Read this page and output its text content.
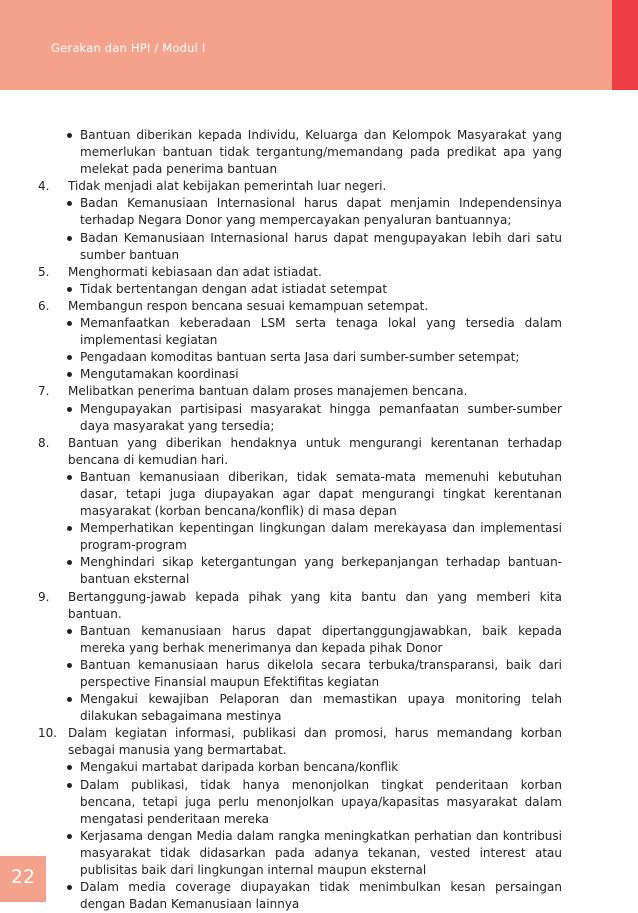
Gerakan dan HPI / Modul I
Bantuan diberikan kepada Individu, Keluarga dan Kelompok Masyarakat yang memerlukan bantuan tidak tergantung/memandang pada predikat apa yang melekat pada penerima bantuan
4. Tidak menjadi alat kebijakan pemerintah luar negeri.
Badan Kemanusiaan Internasional harus dapat menjamin Independensinya terhadap Negara Donor yang mempercayakan penyaluran bantuannya;
Badan Kemanusiaan Internasional harus dapat mengupayakan lebih dari satu sumber bantuan
5. Menghormati kebiasaan dan adat istiadat.
Tidak bertentangan dengan adat istiadat setempat
6. Membangun respon bencana sesuai kemampuan setempat.
Memanfaatkan keberadaan LSM serta tenaga lokal yang tersedia dalam implementasi kegiatan
Pengadaan komoditas bantuan serta Jasa dari sumber-sumber setempat;
Mengutamakan koordinasi
7. Melibatkan penerima bantuan dalam proses manajemen bencana.
Mengupayakan partisipasi masyarakat hingga pemanfaatan sumber-sumber daya masyarakat yang tersedia;
8. Bantuan yang diberikan hendaknya untuk mengurangi kerentanan terhadap bencana di kemudian hari.
Bantuan kemanusiaan diberikan, tidak semata-mata memenuhi kebutuhan dasar, tetapi juga diupayakan agar dapat mengurangi tingkat kerentanan masyarakat (korban bencana/konflik) di masa depan
Memperhatikan kepentingan lingkungan dalam merekayasa dan implementasi program-program
Menghindari sikap ketergantungan yang berkepanjangan terhadap bantuan-bantuan eksternal
9. Bertanggung-jawab kepada pihak yang kita bantu dan yang memberi kita bantuan.
Bantuan kemanusiaan harus dapat dipertanggungjawabkan, baik kepada mereka yang berhak menerimanya dan kepada pihak Donor
Bantuan kemanusiaan harus dikelola secara terbuka/transparansi, baik dari perspective Finansial maupun Efektifitas kegiatan
Mengakui kewajiban Pelaporan dan memastikan upaya monitoring telah dilakukan sebagaimana mestinya
10. Dalam kegiatan informasi, publikasi dan promosi, harus memandang korban sebagai manusia yang bermartabat.
Mengakui martabat daripada korban bencana/konflik
Dalam publikasi, tidak hanya menonjolkan tingkat penderitaan korban bencana, tetapi juga perlu menonjolkan upaya/kapasitas masyarakat dalam mengatasi penderitaan mereka
Kerjasama dengan Media dalam rangka meningkatkan perhatian dan kontribusi masyarakat tidak didasarkan pada adanya tekanan, vested interest atau publisitas baik dari lingkungan internal maupun eksternal
Dalam media coverage diupayakan tidak menimbulkan kesan persaingan dengan Badan Kemanusiaan lainnya
22
